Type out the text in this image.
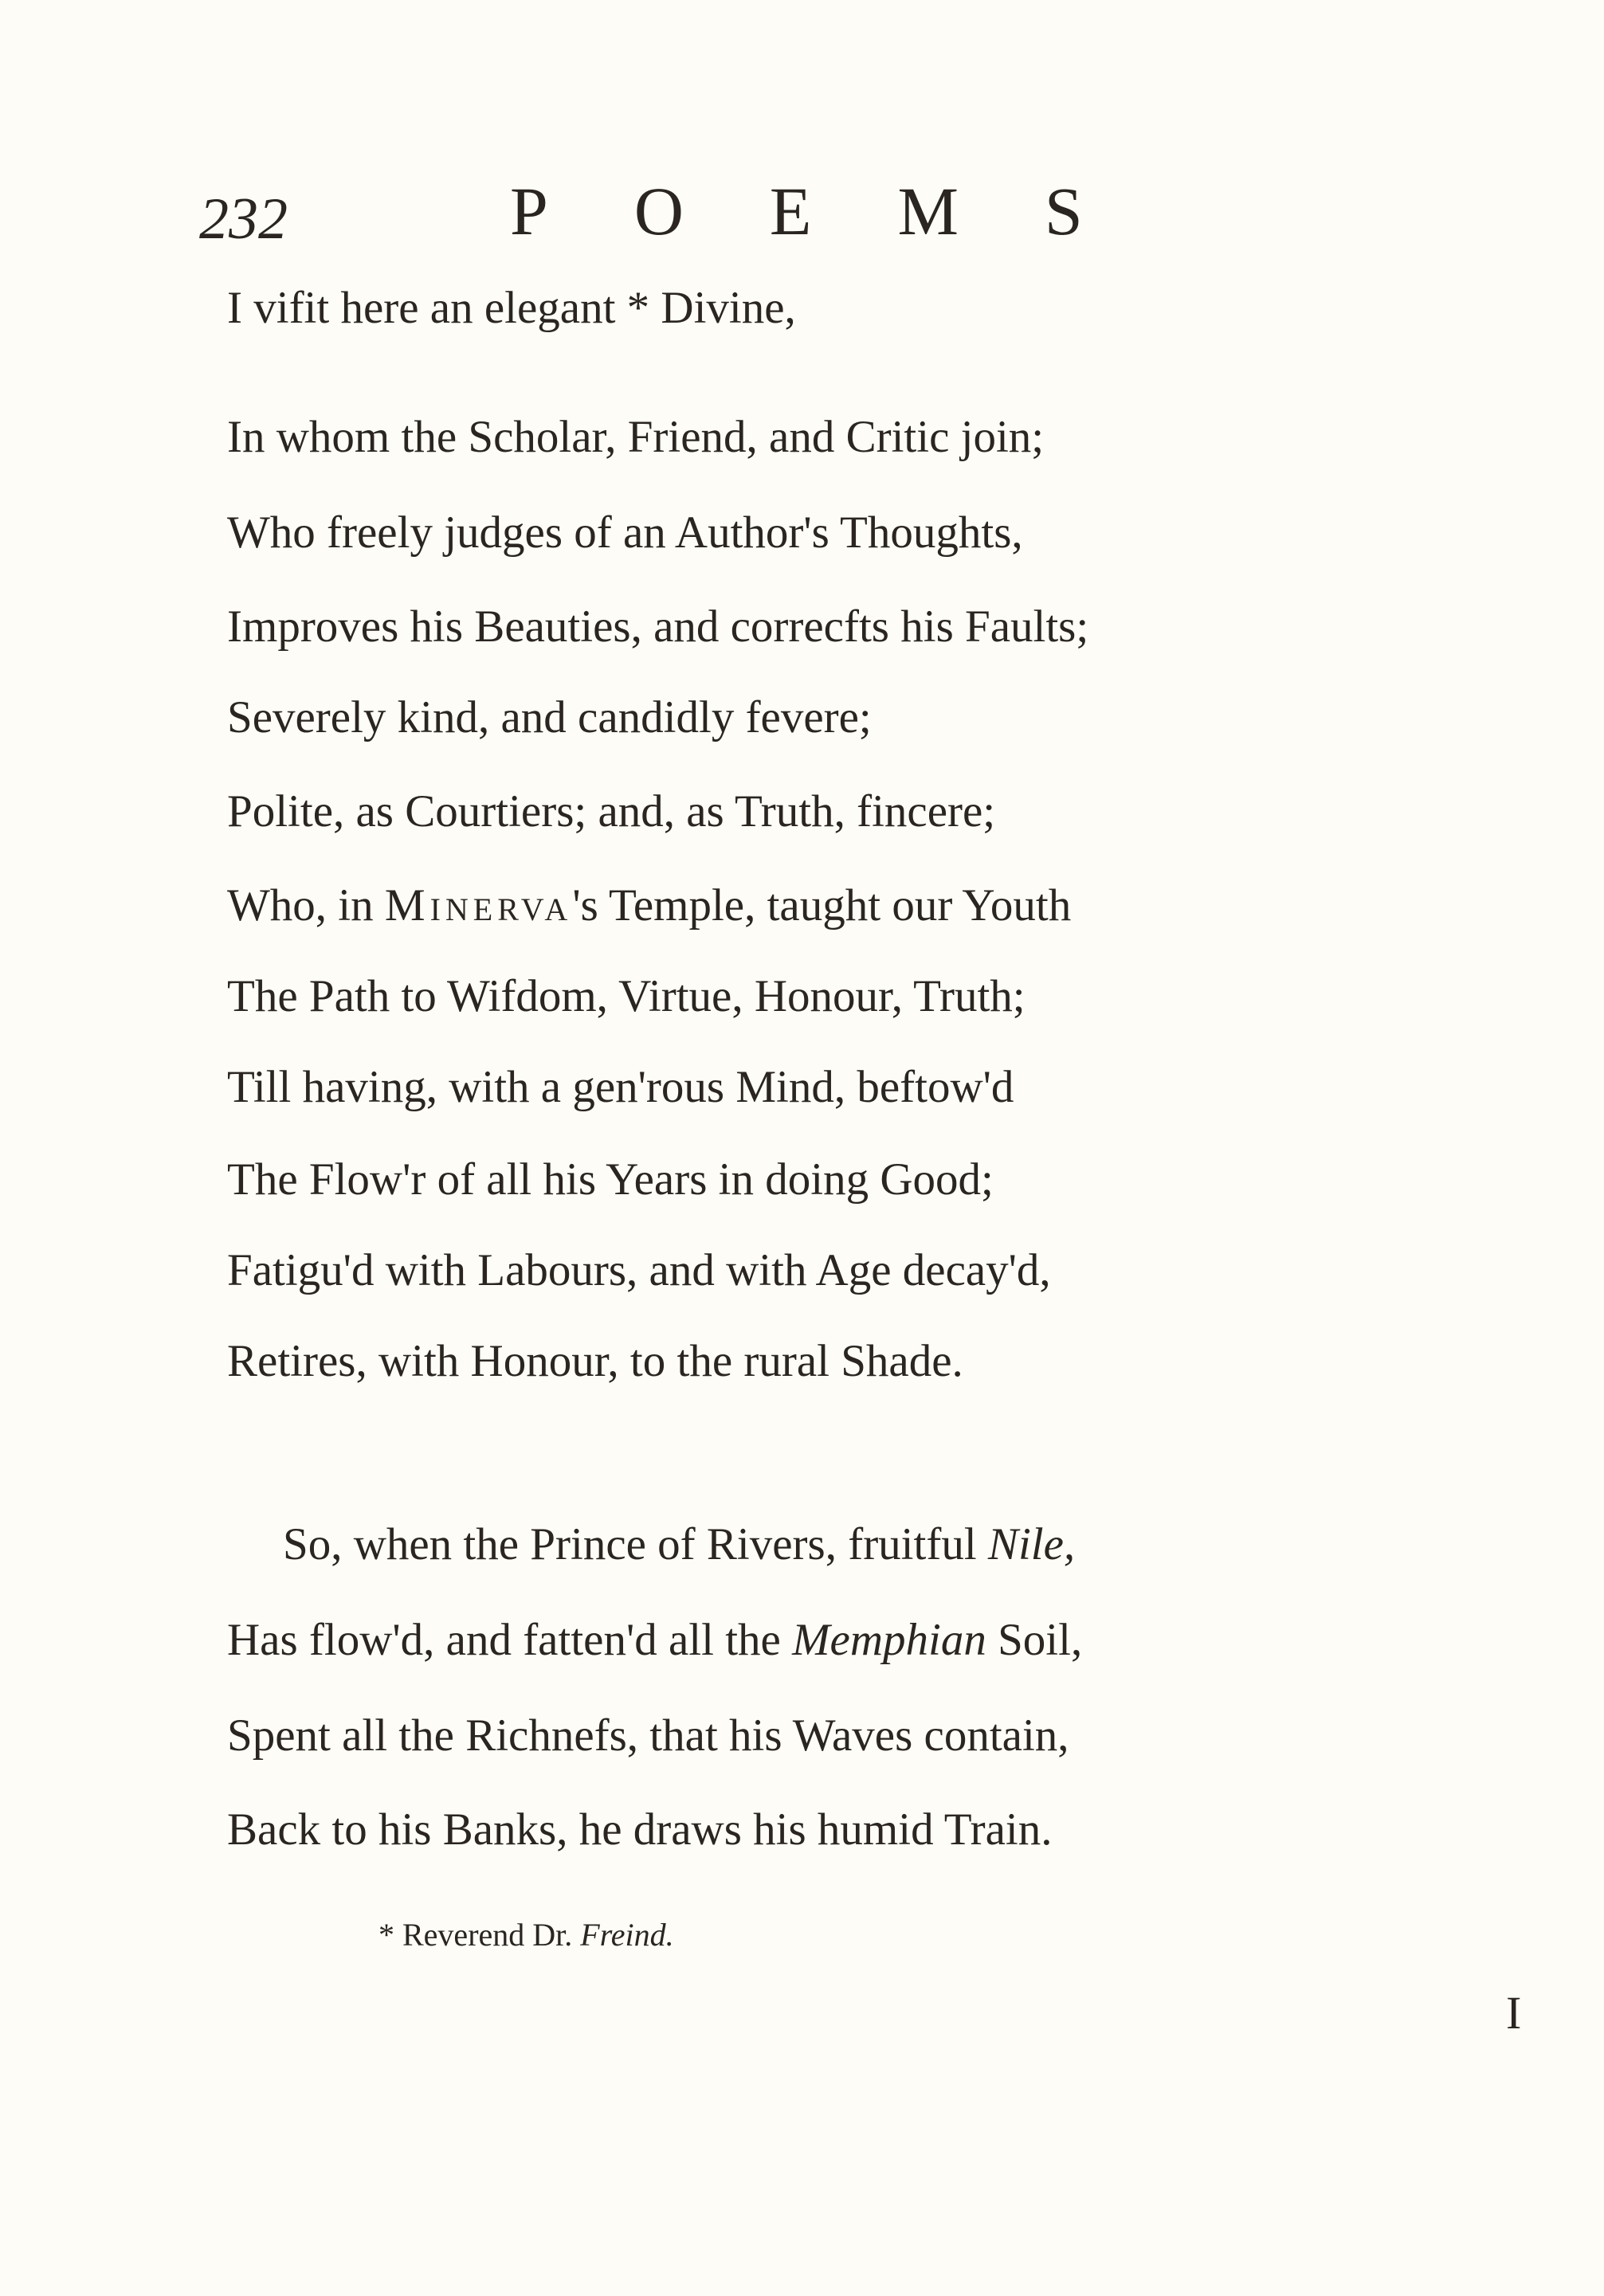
232	POEMS
I vifit here an elegant * Divine,
In whom the Scholar, Friend, and Critic join;
Who freely judges of an Author's Thoughts,
Improves his Beauties, and correcfts his Faults;
Severely kind, and candidly fevere;
Polite, as Courtiers; and, as Truth, fincere;
Who, in Minerva's Temple, taught our Youth
The Path to Wifdom, Virtue, Honour, Truth;
Till having, with a gen'rous Mind, beftow'd
The Flow'r of all his Years in doing Good;
Fatigu'd with Labours, and with Age decay'd,
Retires, with Honour, to the rural Shade.
So, when the Prince of Rivers, fruitful Nile,
Has flow'd, and fatten'd all the Memphian Soil,
Spent all the Richnefs, that his Waves contain,
Back to his Banks, he draws his humid Train.
* Reverend Dr. Freind.
I
